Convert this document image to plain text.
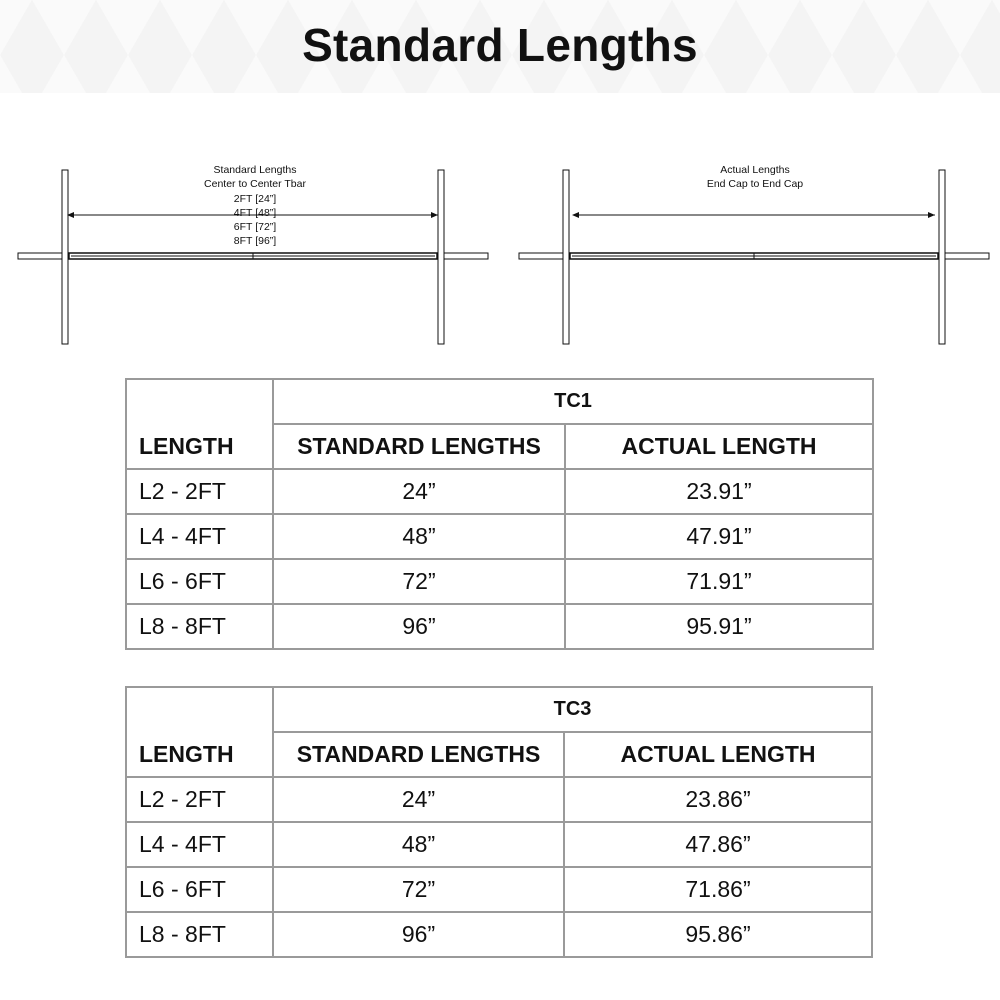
Standard Lengths
Standard Lengths
Center to Center Tbar
2FT [24”]
4FT [48”]
6FT [72”]
8FT [96”]
Actual Lengths
End Cap to End Cap
LENGTH	TC1	
	STANDARD LENGTHS	ACTUAL LENGTH
L2 - 2FT	24”	23.91”
L4 - 4FT	48”	47.91”
L6 - 6FT	72”	71.91”
L8 - 8FT	96”	95.91”
LENGTH	TC3	
	STANDARD LENGTHS	ACTUAL LENGTH
L2 - 2FT	24”	23.86”
L4 - 4FT	48”	47.86”
L6 - 6FT	72”	71.86”
L8 - 8FT	96”	95.86”
